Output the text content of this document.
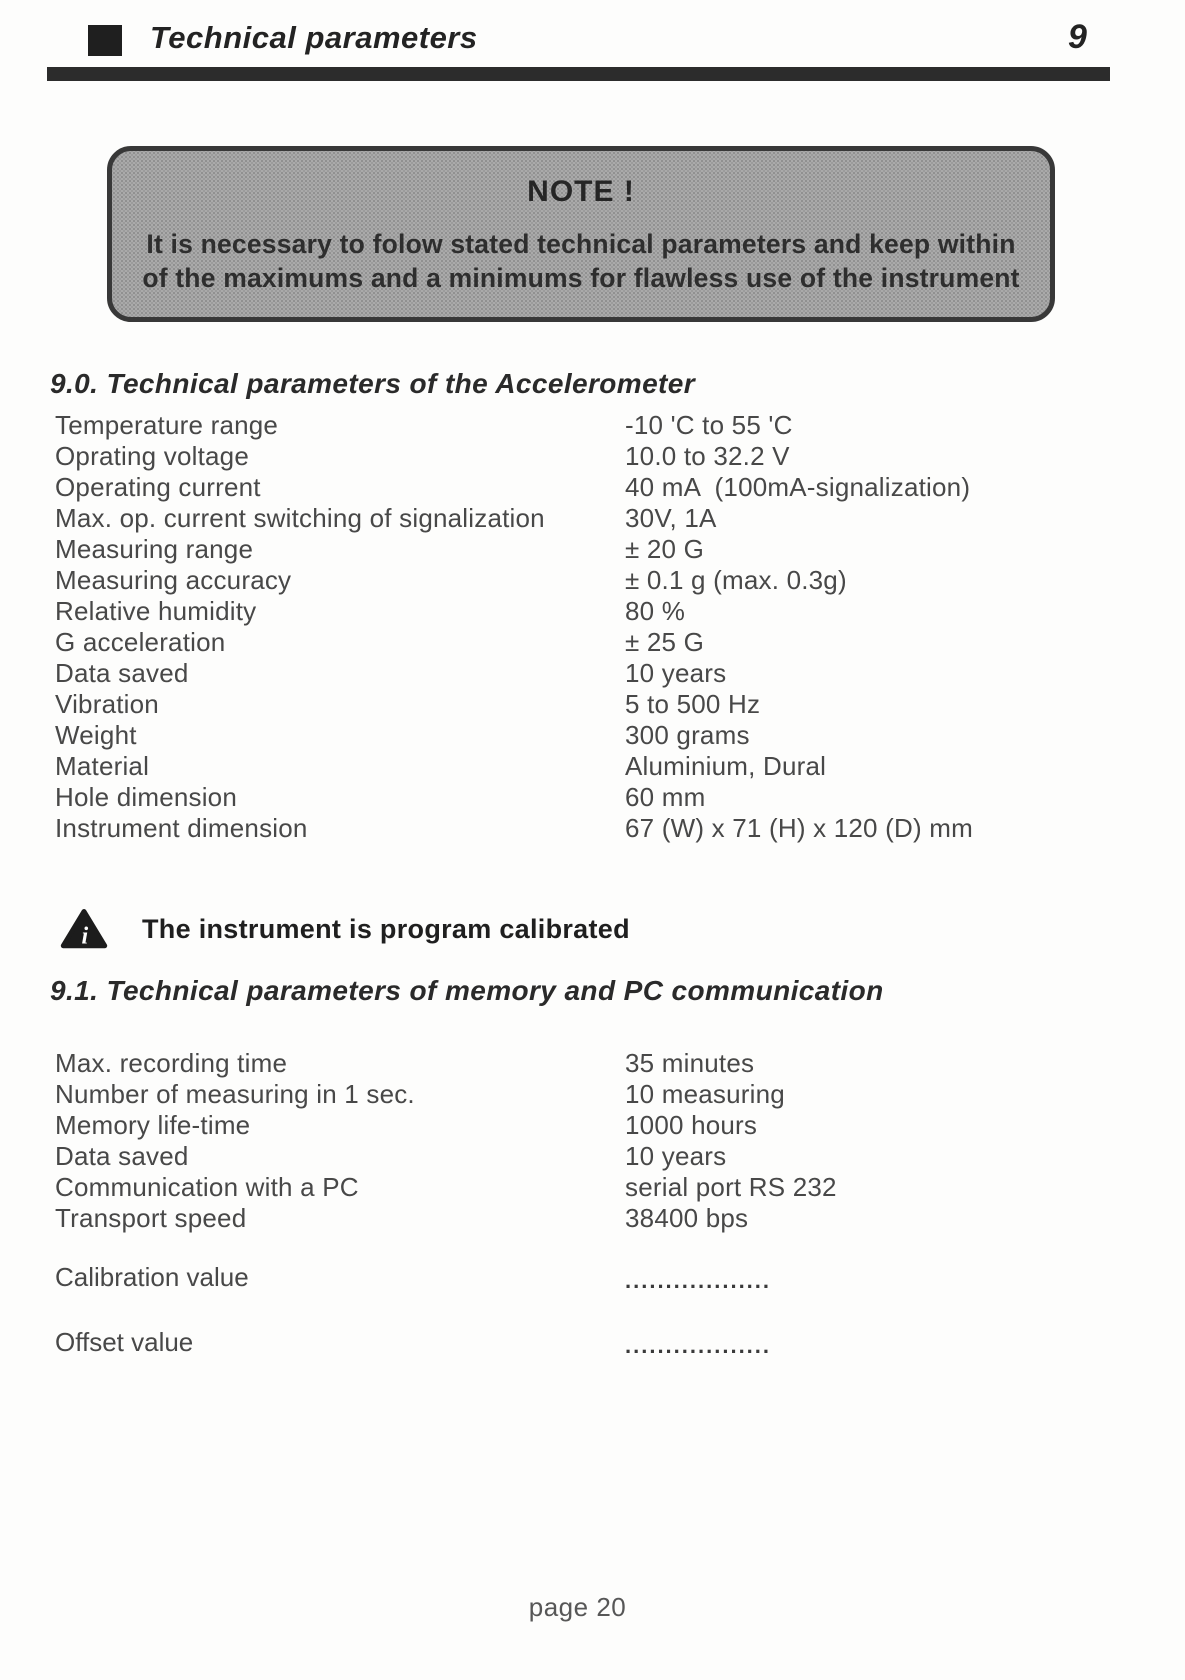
Technical parameters	9
NOTE !
It is necessary to folow stated technical parameters and keep within
of the maximums and a minimums for flawless use of the instrument
9.0. Technical parameters of the Accelerometer
Temperature range	-10 'C to 55 'C
Oprating voltage	10.0 to 32.2 V
Operating current	40 mA  (100mA-signalization)
Max. op. current switching of signalization	30V, 1A
Measuring range	± 20 G
Measuring accuracy	± 0.1 g (max. 0.3g)
Relative humidity	80 %
G acceleration	± 25 G
Data saved	10 years
Vibration	5 to 500 Hz
Weight	300 grams
Material	Aluminium, Dural
Hole dimension	60 mm
Instrument dimension	67 (W) x 71 (H) x 120 (D) mm
i The instrument is program calibrated
9.1. Technical parameters of memory and PC communication
Max. recording time	35 minutes
Number of measuring in 1 sec.	10 measuring
Memory life-time	1000 hours
Data saved	10 years
Communication with a PC	serial port RS 232
Transport speed	38400 bps
Calibration value	..................
Offset value	..................
page 20
